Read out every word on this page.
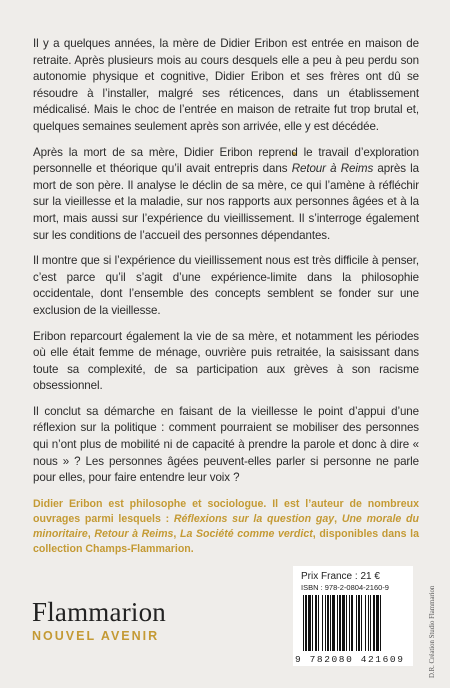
Il y a quelques années, la mère de Didier Eribon est entrée en maison de retraite. Après plusieurs mois au cours desquels elle a peu à peu perdu son autonomie physique et cognitive, Didier Eribon et ses frères ont dû se résoudre à l’installer, malgré ses réticences, dans un établissement médicalisé. Mais le choc de l’entrée en maison de retraite fut trop brutal et, quelques semaines seulement après son arrivée, elle y est décédée.

Après la mort de sa mère, Didier Eribon reprend le travail d’exploration personnelle et théorique qu’il avait entrepris dans Retour à Reims après la mort de son père. Il analyse le déclin de sa mère, ce qui l’amène à réfléchir sur la vieillesse et la maladie, sur nos rapports aux personnes âgées et à la mort, mais aussi sur l’expérience du vieillissement. Il s’interroge également sur les conditions de l’accueil des personnes dépendantes.

Il montre que si l’expérience du vieillissement nous est très difficile à penser, c’est parce qu’il s’agit d’une expérience-limite dans la philosophie occidentale, dont l’ensemble des concepts semblent se fonder sur une exclusion de la vieillesse.

Eribon reparcourt également la vie de sa mère, et notamment les périodes où elle était femme de ménage, ouvrière puis retraitée, la saisissant dans toute sa complexité, de sa participation aux grèves à son racisme obsessionnel.

Il conclut sa démarche en faisant de la vieillesse le point d’appui d’une réflexion sur la politique : comment pourraient se mobiliser des personnes qui n’ont plus de mobilité ni de capacité à prendre la parole et donc à dire « nous » ? Les personnes âgées peuvent-elles parler si personne ne parle pour elles, pour faire entendre leur voix ?

Didier Eribon est philosophe et sociologue. Il est l’auteur de nombreux ouvrages parmi lesquels : Réflexions sur la question gay, Une morale du minoritaire, Retour à Reims, La Société comme verdict, disponibles dans la collection Champs-Flammarion.
Flammarion
NOUVEL AVENIR
Prix France : 21 €
ISBN : 978-2-0804-2160-9
9 782080 421609	D.R. Création Studio Flammarion
